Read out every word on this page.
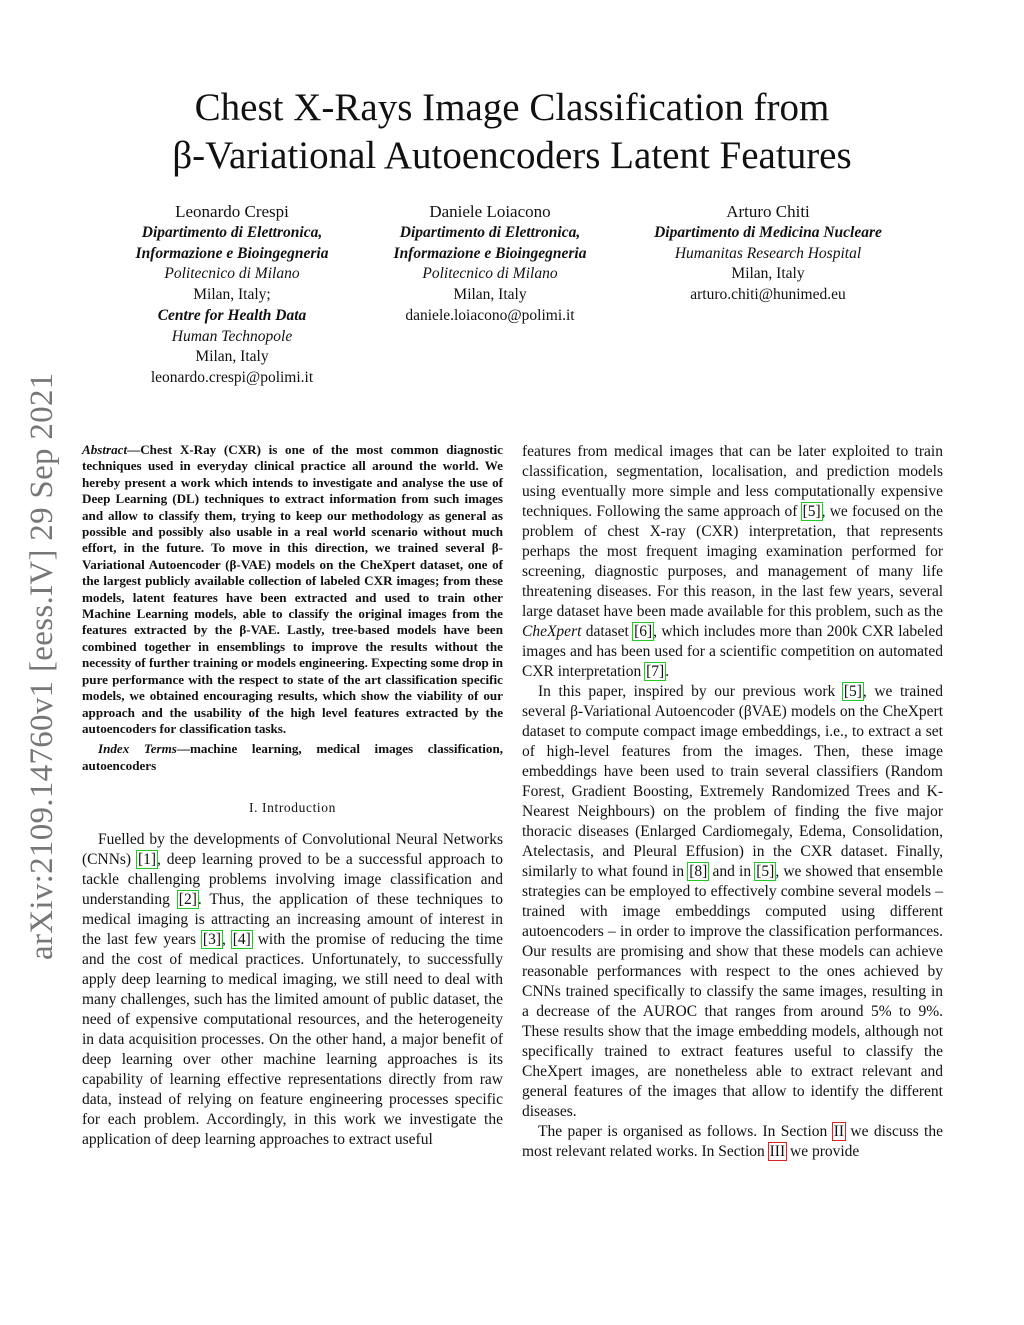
arXiv:2109.14760v1 [eess.IV] 29 Sep 2021
Chest X-Rays Image Classification from
β-Variational Autoencoders Latent Features
Leonardo Crespi
Dipartimento di Elettronica,
Informazione e Bioingegneria
Politecnico di Milano
Milan, Italy;
Centre for Health Data
Human Technopole
Milan, Italy
leonardo.crespi@polimi.it
Daniele Loiacono
Dipartimento di Elettronica,
Informazione e Bioingegneria
Politecnico di Milano
Milan, Italy
daniele.loiacono@polimi.it
Arturo Chiti
Dipartimento di Medicina Nucleare
Humanitas Research Hospital
Milan, Italy
arturo.chiti@hunimed.eu

Abstract—Chest X-Ray (CXR) is one of the most common diagnostic techniques used in everyday clinical practice all around the world. We hereby present a work which intends to investigate and analyse the use of Deep Learning (DL) techniques to extract information from such images and allow to classify them, trying to keep our methodology as general as possible and possibly also usable in a real world scenario without much effort, in the future. To move in this direction, we trained several β-Variational Autoencoder (β-VAE) models on the CheXpert dataset, one of the largest publicly available collection of labeled CXR images; from these models, latent features have been extracted and used to train other Machine Learning models, able to classify the original images from the features extracted by the β-VAE. Lastly, tree-based models have been combined together in ensemblings to improve the results without the necessity of further training or models engineering. Expecting some drop in pure performance with the respect to state of the art classification specific models, we obtained encouraging results, which show the viability of our approach and the usability of the high level features extracted by the autoencoders for classification tasks.

Index Terms—machine learning, medical images classification, autoencoders

I. Introduction

Fuelled by the developments of Convolutional Neural Networks (CNNs) [1], deep learning proved to be a successful approach to tackle challenging problems involving image classification and understanding [2]. Thus, the application of these techniques to medical imaging is attracting an increasing amount of interest in the last few years [3], [4] with the promise of reducing the time and the cost of medical practices. Unfortunately, to successfully apply deep learning to medical imaging, we still need to deal with many challenges, such has the limited amount of public dataset, the need of expensive computational resources, and the heterogeneity in data acquisition processes. On the other hand, a major benefit of deep learning over other machine learning approaches is its capability of learning effective representations directly from raw data, instead of relying on feature engineering processes specific for each problem. Accordingly, in this work we investigate the application of deep learning approaches to extract useful

features from medical images that can be later exploited to train classification, segmentation, localisation, and prediction models using eventually more simple and less computationally expensive techniques. Following the same approach of [5], we focused on the problem of chest X-ray (CXR) interpretation, that represents perhaps the most frequent imaging examination performed for screening, diagnostic purposes, and management of many life threatening diseases. For this reason, in the last few years, several large dataset have been made available for this problem, such as the CheXpert dataset [6], which includes more than 200k CXR labeled images and has been used for a scientific competition on automated CXR interpretation [7].

In this paper, inspired by our previous work [5], we trained several β-Variational Autoencoder (βVAE) models on the CheXpert dataset to compute compact image embeddings, i.e., to extract a set of high-level features from the images. Then, these image embeddings have been used to train several classifiers (Random Forest, Gradient Boosting, Extremely Randomized Trees and K-Nearest Neighbours) on the problem of finding the five major thoracic diseases (Enlarged Cardiomegaly, Edema, Consolidation, Atelectasis, and Pleural Effusion) in the CXR dataset. Finally, similarly to what found in [8] and in [5], we showed that ensemble strategies can be employed to effectively combine several models – trained with image embeddings computed using different autoencoders – in order to improve the classification performances. Our results are promising and show that these models can achieve reasonable performances with respect to the ones achieved by CNNs trained specifically to classify the same images, resulting in a decrease of the AUROC that ranges from around 5% to 9%. These results show that the image embedding models, although not specifically trained to extract features useful to classify the CheXpert images, are nonetheless able to extract relevant and general features of the images that allow to identify the different diseases.

The paper is organised as follows. In Section II we discuss the most relevant related works. In Section III we provide
